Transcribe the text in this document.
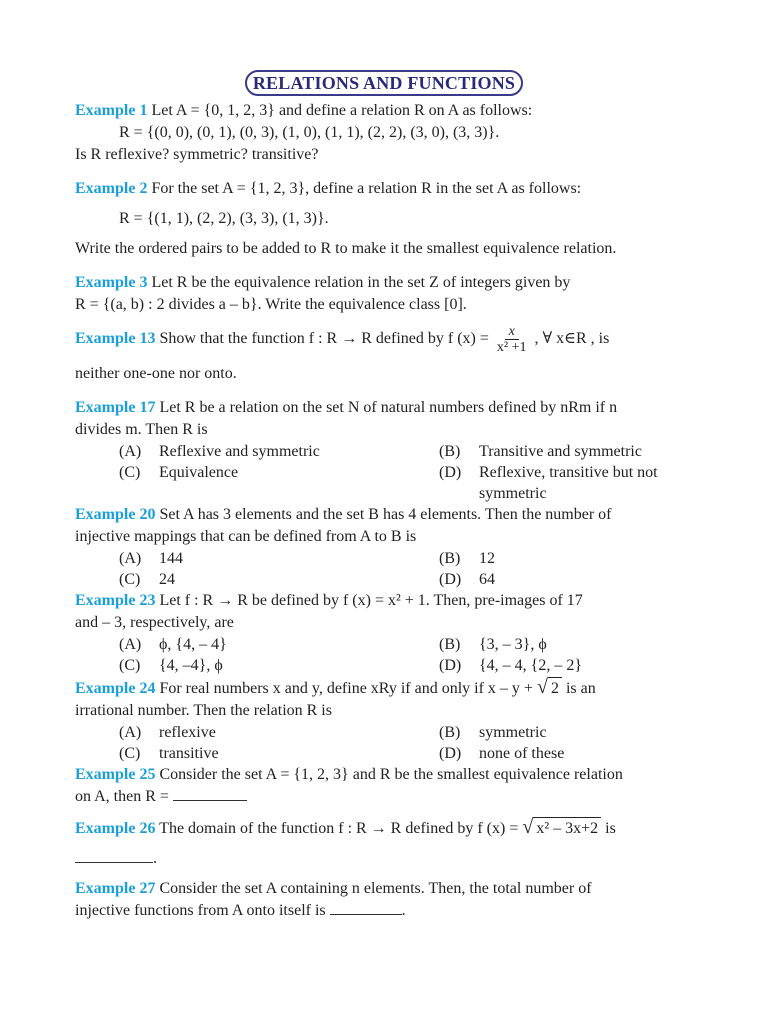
RELATIONS AND FUNCTIONS

Example 1 Let A = {0, 1, 2, 3} and define a relation R on A as follows:

R = {(0, 0), (0, 1), (0, 3), (1, 0), (1, 1), (2, 2), (3, 0), (3, 3)}.

Is R reflexive? symmetric? transitive?

Example 2 For the set A = {1, 2, 3}, define a relation R in the set A as follows:

R = {(1, 1), (2, 2), (3, 3), (1, 3)}.

Write the ordered pairs to be added to R to make it the smallest equivalence relation.

Example 3 Let R be the equivalence relation in the set Z of integers given by

R = {(a, b) : 2 divides a – b}. Write the equivalence class [0].

Example 13 Show that the function f : R → R defined by f $(x) = \frac{x}{\text{x² +1}}$ , ∀ x∈R , is

neither one-one nor onto.

Example 17 Let R be a relation on the set N of natural numbers defined by nRm if n

divides m. Then R is

(A)	Reflexive and symmetric	(B)	Transitive and symmetric
(C)	Equivalence	(D)	Reflexive, transitive but not
symmetric

Example 20 Set A has 3 elements and the set B has 4 elements. Then the number of

injective mappings that can be defined from A to B is

(A)	144	(B)	12
(C)	24	(D)	64

Example 23 Let f : R → R be defined by f (x) = x² + 1. Then, pre-images of 17

and – 3, respectively, are

(A)	ϕ, {4, – 4}	(B)	{3, – 3}, ϕ
(C)	{4, –4}, ϕ	(D)	{4, – 4, {2, – 2}

Example 24 For real numbers x and y, define xRy if and only if x – y + √ 2 is an

irrational number. Then the relation R is

(A)	reflexive	(B)	symmetric
(C)	transitive	(D)	none of these

Example 25 Consider the set A = {1, 2, 3} and R be the smallest equivalence relation

on A, then R =

Example 26 The domain of the function f : R → R defined by f (x) = √ x² – 3x+2 is

.

Example 27 Consider the set A containing n elements. Then, the total number of

injective functions from A onto itself is	.
